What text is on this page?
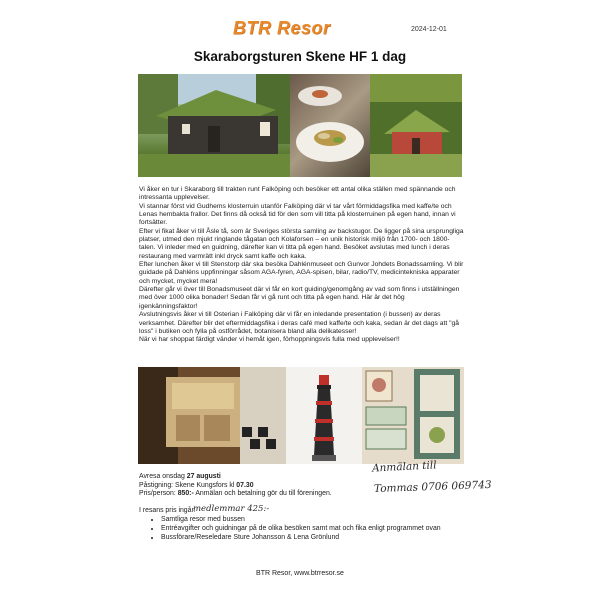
BTR Resor	2024-12-01
Skaraborgsturen Skene HF 1 dag

Vi åker en tur i Skaraborg till trakten runt Falköping och besöker ett antal olika ställen med spännande och intressanta upplevelser.

Vi stannar först vid Gudhems klosterruin utanför Falköping där vi tar vårt förmiddagsfika med kaffe/te och Lenas hembakta frallor. Det finns då också tid för den som vill titta på klosterruinen på egen hand, innan vi fortsätter.

Efter vi fikat åker vi till Åsle tå, som är Sveriges största samling av backstugor. De ligger på sina ursprungliga platser, utmed den mjukt ringlande tågatan och Kolaforsen – en unik historisk miljö från 1700- och 1800-talen. Vi inleder med en guidning, därefter kan vi titta på egen hand. Besöket avslutas med lunch i deras restaurang med varmrätt inkl dryck samt kaffe och kaka.

Efter lunchen åker vi till Stenstorp där ska besöka Dahlénmuseet och Gunvor Johdets Bonadssamling. Vi blir guidade på Dahléns uppfinningar såsom AGA-fyren, AGA-spisen, bilar, radio/TV, medicintekniska apparater och mycket, mycket mera!

Därefter går vi över till Bonadsmuseet där vi får en kort guiding/genomgång av vad som finns i utställningen med över 1000 olika bonader! Sedan får vi gå runt och titta på egen hand. Här är det hög igenkänningsfaktor!

Avslutningsvis åker vi till Osterian i Falköping där vi får en inledande presentation (i bussen) av deras verksamhet. Därefter blir det eftermiddagsfika i deras café med kaffe/te och kaka, sedan är det dags att "gå loss" i butiken och fylla på ostförrådet, botanisera bland alla delikatesser!

När vi har shoppat färdigt vänder vi hemåt igen, förhoppningsvis fulla med upplevelser!!

Avresa onsdag 27 augusti

Påstigning: Skene Kungsfors kl 07.30

Pris/person: 850:- Anmälan och betalning gör du till föreningen.

I resans pris ingår:

• Samtliga resor med bussen
• Entréavgifter och guidningar på de olika besöken samt mat och fika enligt programmet ovan
• Bussförare/Reseledare Sture Johansson & Lena Grönlund
Anmälan till
Tommas 0706 069743
medlemmar 425:-
BTR Resor, www.btrresor.se
